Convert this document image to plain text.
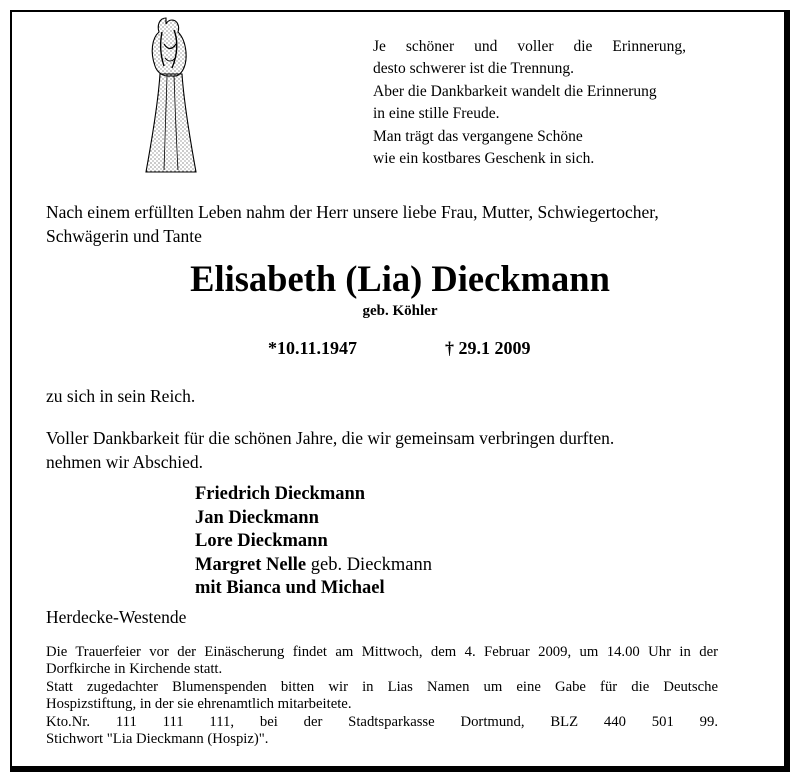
Je schöner und voller die Erinnerung,
desto schwerer ist die Trennung.
Aber die Dankbarkeit wandelt die Erinnerung
in eine stille Freude.
Man trägt das vergangene Schöne
wie ein kostbares Geschenk in sich.
Nach einem erfüllten Leben nahm der Herr unsere liebe Frau, Mutter, Schwiegertocher,
Schwägerin und Tante
Elisabeth (Lia) Dieckmann
geb. Köhler
*10.11.1947	† 29.1 2009
zu sich in sein Reich.
Voller Dankbarkeit für die schönen Jahre, die wir gemeinsam verbringen durften.
nehmen wir Abschied.
Friedrich Dieckmann
Jan Dieckmann
Lore Dieckmann
Margret Nelle geb. Dieckmann
mit Bianca und Michael
Herdecke-Westende
Die Trauerfeier vor der Einäscherung findet am Mittwoch, dem 4. Februar 2009, um 14.00 Uhr in der
Dorfkirche in Kirchende statt.
Statt zugedachter Blumenspenden bitten wir in Lias Namen um eine Gabe für die Deutsche
Hospizstiftung, in der sie ehrenamtlich mitarbeitete.
Kto.Nr. 111 111 111, bei der Stadtsparkasse Dortmund, BLZ 440 501 99.
Stichwort "Lia Dieckmann (Hospiz)".
